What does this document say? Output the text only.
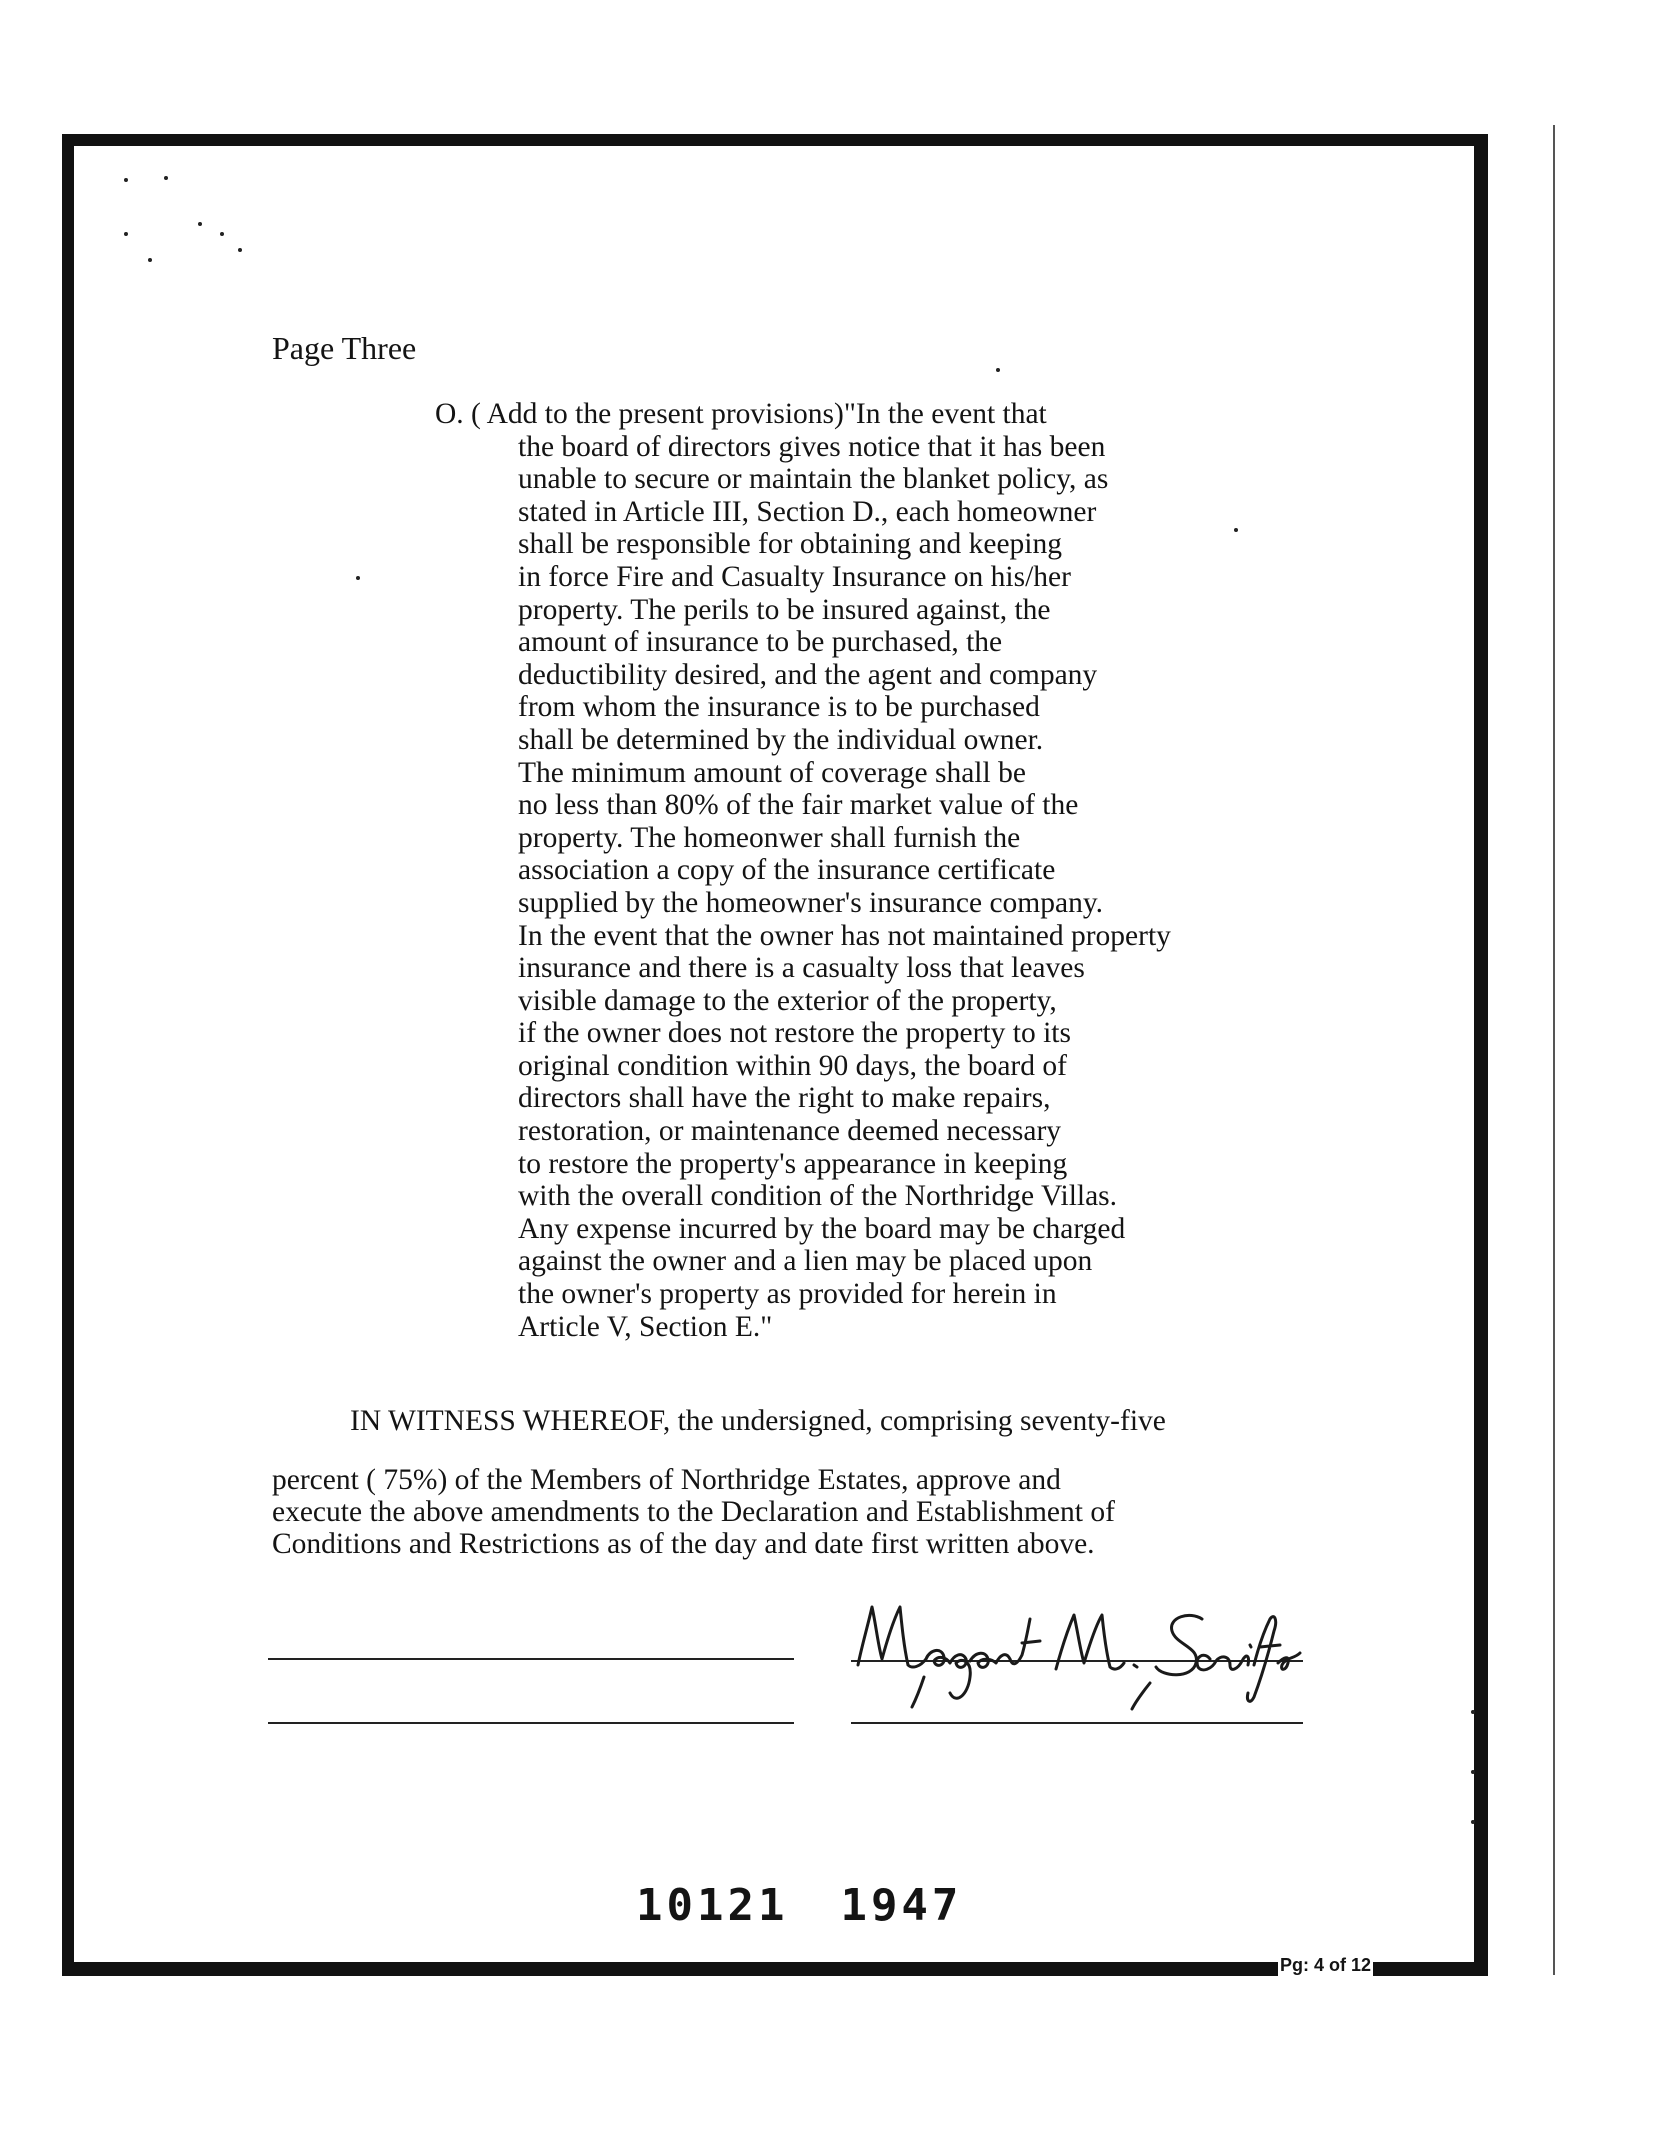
Page Three
O. ( Add to the present provisions)"In the event that
the board of directors gives notice that it has been
unable to secure or maintain the blanket policy, as
stated in Article III, Section D., each homeowner
shall be responsible for obtaining and keeping
in force Fire and Casualty Insurance on his/her
property. The perils to be insured against, the
amount of insurance to be purchased, the
deductibility desired, and the agent and company
from whom the insurance is to be purchased
shall be determined by the individual owner.
The minimum amount of coverage shall be
no less than 80% of the fair market value of the
property. The homeonwer shall furnish the
association a copy of the insurance certificate
supplied by the homeowner's insurance company.
In the event that the owner has not maintained property
insurance and there is a casualty loss that leaves
visible damage to the exterior of the property,
if the owner does not restore the property to its
original condition within 90 days, the board of
directors shall have the right to make repairs,
restoration, or maintenance deemed necessary
to restore the property's appearance in keeping
with the overall condition of the Northridge Villas.
Any expense incurred by the board may be charged
against the owner and a lien may be placed upon
the owner's property as provided for herein in
Article V, Section E."
IN WITNESS WHEREOF, the undersigned, comprising seventy-five
percent ( 75%) of the Members of Northridge Estates, approve and
execute the above amendments to the Declaration and Establishment of
Conditions and Restrictions as of the day and date first written above.
10121 1947
Pg: 4 of 12
